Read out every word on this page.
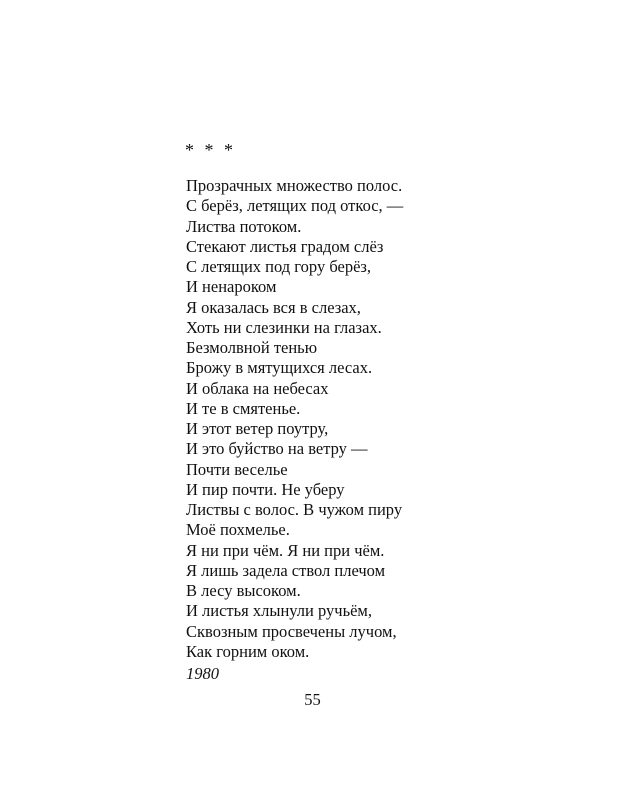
* * *
Прозрачных множество полос.
С берёз, летящих под откос, —
Листва потоком.
Стекают листья градом слёз
С летящих под гору берёз,
И ненароком
Я оказалась вся в слезах,
Хоть ни слезинки на глазах.
Безмолвной тенью
Брожу в мятущихся лесах.
И облака на небесах
И те в смятенье.
И этот ветер поутру,
И это буйство на ветру —
Почти веселье
И пир почти. Не уберу
Листвы с волос. В чужом пиру
Моё похмелье.
Я ни при чём. Я ни при чём.
Я лишь задела ствол плечом
В лесу высоком.
И листья хлынули ручьём,
Сквозным просвечены лучом,
Как горним оком.
1980
55
